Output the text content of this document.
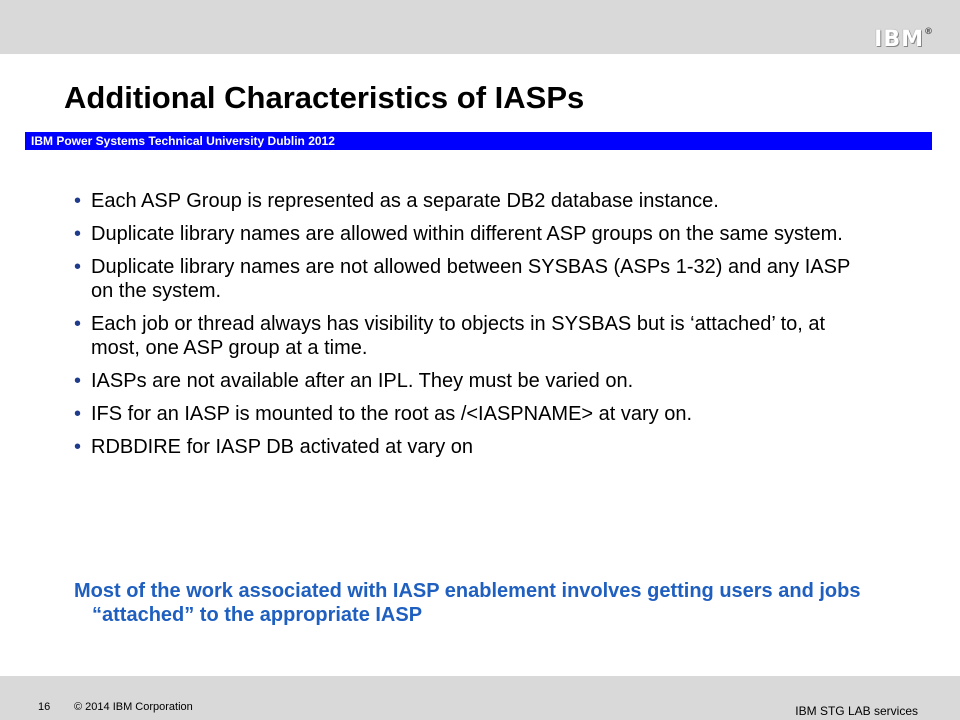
IBM®
Additional Characteristics of IASPs
IBM Power Systems Technical University Dublin 2012
• Each ASP Group is represented as a separate DB2 database instance.
• Duplicate library names are allowed within different ASP groups on the same system.
• Duplicate library names are not allowed between SYSBAS (ASPs 1-32) and any IASP on the system.
• Each job or thread always has visibility to objects in SYSBAS but is ‘attached’ to, at most, one ASP group at a time.
• IASPs are not available after an IPL. They must be varied on.
• IFS for an IASP is mounted to the root as /<IASPNAME> at vary on.
• RDBDIRE for IASP DB activated at vary on
Most of the work associated with IASP enablement involves getting users and jobs “attached” to the appropriate IASP
16 © 2014 IBM Corporation	IBM STG LAB services
